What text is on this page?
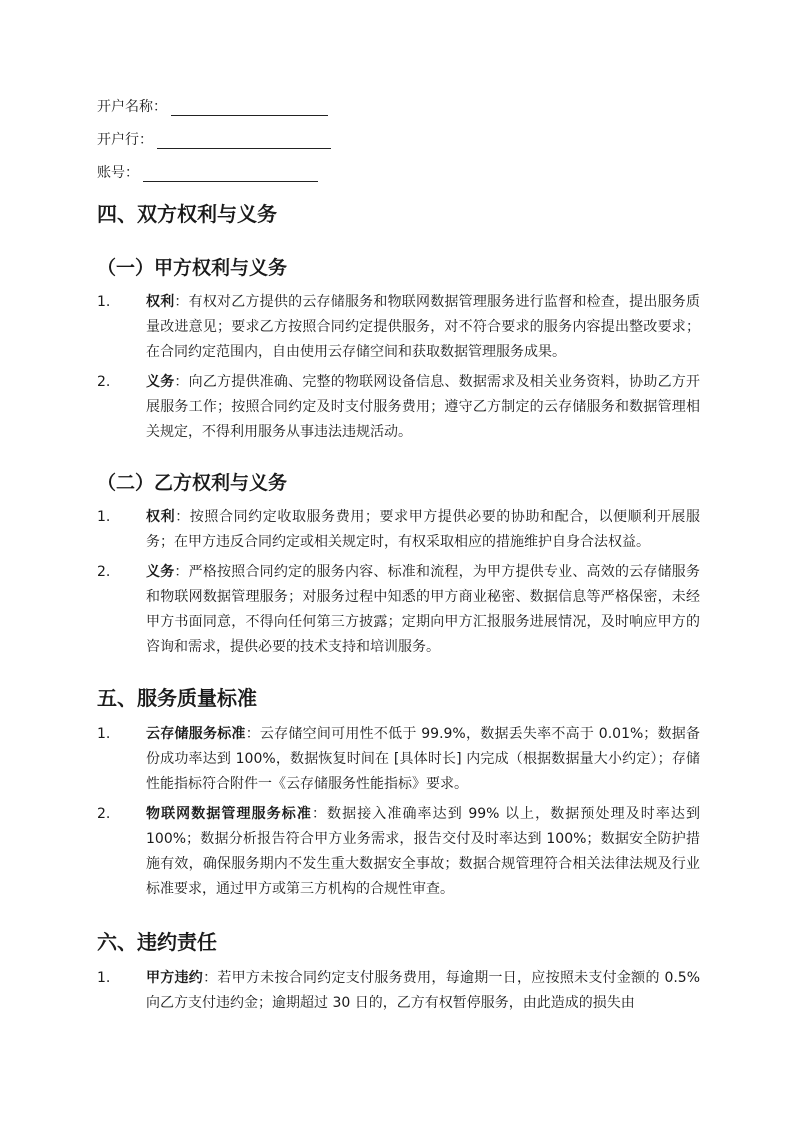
开户名称：
开户行：
账号：
四、双方权利与义务
（一）甲方权利与义务
1.	权利：有权对乙方提供的云存储服务和物联网数据管理服务进行监督和检查，提出服务质量改进意见；要求乙方按照合同约定提供服务，对不符合要求的服务内容提出整改要求；在合同约定范围内，自由使用云存储空间和获取数据管理服务成果。
2.	义务：向乙方提供准确、完整的物联网设备信息、数据需求及相关业务资料，协助乙方开展服务工作；按照合同约定及时支付服务费用；遵守乙方制定的云存储服务和数据管理相关规定，不得利用服务从事违法违规活动。
（二）乙方权利与义务
1.	权利：按照合同约定收取服务费用；要求甲方提供必要的协助和配合，以便顺利开展服务；在甲方违反合同约定或相关规定时，有权采取相应的措施维护自身合法权益。
2.	义务：严格按照合同约定的服务内容、标准和流程，为甲方提供专业、高效的云存储服务和物联网数据管理服务；对服务过程中知悉的甲方商业秘密、数据信息等严格保密，未经甲方书面同意，不得向任何第三方披露；定期向甲方汇报服务进展情况，及时响应甲方的咨询和需求，提供必要的技术支持和培训服务。
五、服务质量标准
1.	云存储服务标准：云存储空间可用性不低于 99.9%，数据丢失率不高于 0.01%；数据备份成功率达到 100%，数据恢复时间在 [具体时长] 内完成（根据数据量大小约定）；存储性能指标符合附件一《云存储服务性能指标》要求。
2.	物联网数据管理服务标准：数据接入准确率达到 99% 以上，数据预处理及时率达到 100%；数据分析报告符合甲方业务需求，报告交付及时率达到 100%；数据安全防护措施有效，确保服务期内不发生重大数据安全事故；数据合规管理符合相关法律法规及行业标准要求，通过甲方或第三方机构的合规性审查。
六、违约责任
1.	甲方违约：若甲方未按合同约定支付服务费用，每逾期一日，应按照未支付金额的 0.5% 向乙方支付违约金；逾期超过 30 日的，乙方有权暂停服务，由此造成的损失由
